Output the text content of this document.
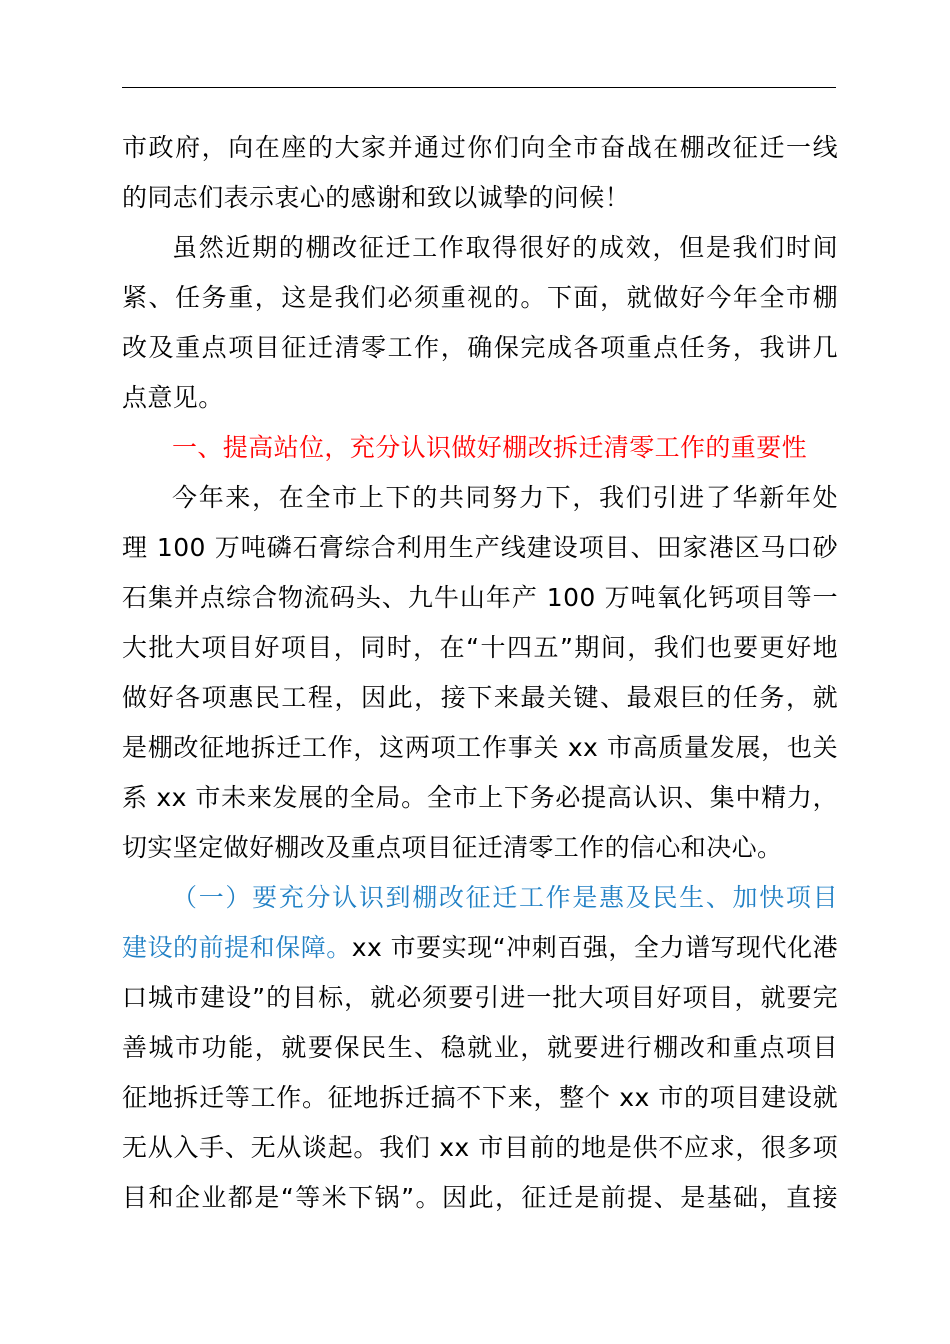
市政府，向在座的大家并通过你们向全市奋战在棚改征迁一线
的同志们表示衷心的感谢和致以诚挚的问候！
虽然近期的棚改征迁工作取得很好的成效，但是我们时间
紧、任务重，这是我们必须重视的。下面，就做好今年全市棚
改及重点项目征迁清零工作，确保完成各项重点任务，我讲几
点意见。
一、提高站位，充分认识做好棚改拆迁清零工作的重要性
今年来，在全市上下的共同努力下，我们引进了华新年处
理 100 万吨磷石膏综合利用生产线建设项目、田家港区马口砂
石集并点综合物流码头、九牛山年产 100 万吨氧化钙项目等一
大批大项目好项目，同时，在“十四五”期间，我们也要更好地
做好各项惠民工程，因此，接下来最关键、最艰巨的任务，就
是棚改征地拆迁工作，这两项工作事关 xx 市高质量发展，也关
系 xx 市未来发展的全局。全市上下务必提高认识、集中精力，
切实坚定做好棚改及重点项目征迁清零工作的信心和决心。
（一）要充分认识到棚改征迁工作是惠及民生、加快项目
建设的前提和保障。xx 市要实现“冲刺百强，全力谱写现代化港
口城市建设”的目标，就必须要引进一批大项目好项目，就要完
善城市功能，就要保民生、稳就业，就要进行棚改和重点项目
征地拆迁等工作。征地拆迁搞不下来，整个 xx 市的项目建设就
无从入手、无从谈起。我们 xx 市目前的地是供不应求，很多项
目和企业都是“等米下锅”。因此，征迁是前提、是基础，直接
